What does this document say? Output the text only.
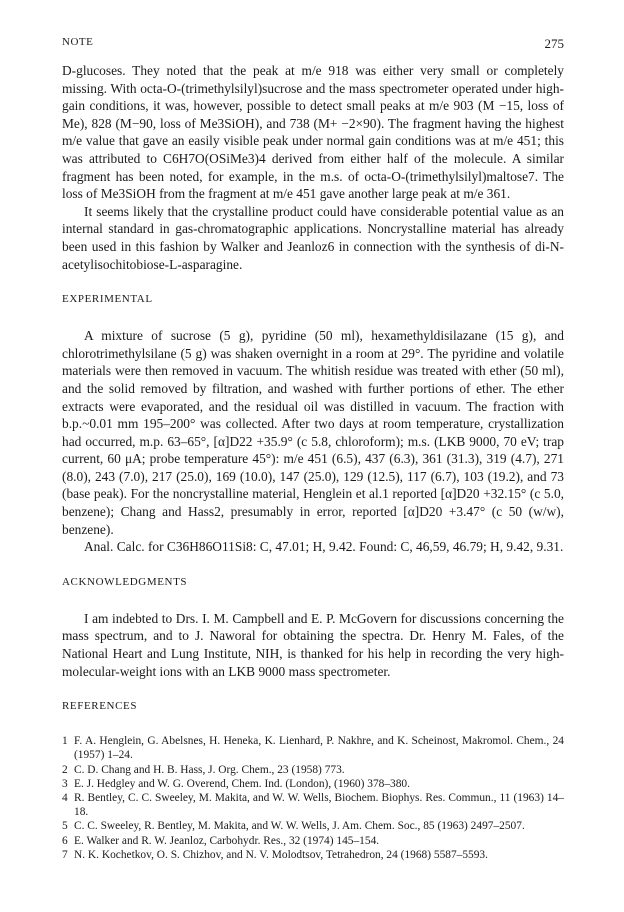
NOTE	275

D-glucoses. They noted that the peak at m/e 918 was either very small or completely missing. With octa-O-(trimethylsilyl)sucrose and the mass spectrometer operated under high-gain conditions, it was, however, possible to detect small peaks at m/e 903 (M −15, loss of Me), 828 (M−90, loss of Me3SiOH), and 738 (M+ −2×90). The fragment having the highest m/e value that gave an easily visible peak under normal gain conditions was at m/e 451; this was attributed to C6H7O(OSiMe3)4 derived from either half of the molecule. A similar fragment has been noted, for example, in the m.s. of octa-O-(trimethylsilyl)maltose7. The loss of Me3SiOH from the fragment at m/e 451 gave another large peak at m/e 361.

It seems likely that the crystalline product could have considerable potential value as an internal standard in gas-chromatographic applications. Noncrystalline material has already been used in this fashion by Walker and Jeanloz6 in connection with the synthesis of di-N-acetylisochitobiose-L-asparagine.

EXPERIMENTAL

A mixture of sucrose (5 g), pyridine (50 ml), hexamethyldisilazane (15 g), and chlorotrimethylsilane (5 g) was shaken overnight in a room at 29°. The pyridine and volatile materials were then removed in vacuum. The whitish residue was treated with ether (50 ml), and the solid removed by filtration, and washed with further portions of ether. The ether extracts were evaporated, and the residual oil was distilled in vacuum. The fraction with b.p.~0.01 mm 195–200° was collected. After two days at room temperature, crystallization had occurred, m.p. 63–65°, [α]D22 +35.9° (c 5.8, chloroform); m.s. (LKB 9000, 70 eV; trap current, 60 μA; probe temperature 45°): m/e 451 (6.5), 437 (6.3), 361 (31.3), 319 (4.7), 271 (8.0), 243 (7.0), 217 (25.0), 169 (10.0), 147 (25.0), 129 (12.5), 117 (6.7), 103 (19.2), and 73 (base peak). For the noncrystalline material, Henglein et al.1 reported [α]D20 +32.15° (c 5.0, benzene); Chang and Hass2, presumably in error, reported [α]D20 +3.47° (c 50 (w/w), benzene).

Anal. Calc. for C36H86O11Si8: C, 47.01; H, 9.42. Found: C, 46,59, 46.79; H, 9.42, 9.31.

ACKNOWLEDGMENTS

I am indebted to Drs. I. M. Campbell and E. P. McGovern for discussions concerning the mass spectrum, and to J. Naworal for obtaining the spectra. Dr. Henry M. Fales, of the National Heart and Lung Institute, NIH, is thanked for his help in recording the very high-molecular-weight ions with an LKB 9000 mass spectrometer.

REFERENCES
1 F. A. Henglein, G. Abelsnes, H. Heneka, K. Lienhard, P. Nakhre, and K. Scheinost, Makromol. Chem., 24 (1957) 1–24.
2 C. D. Chang and H. B. Hass, J. Org. Chem., 23 (1958) 773.
3 E. J. Hedgley and W. G. Overend, Chem. Ind. (London), (1960) 378–380.
4 R. Bentley, C. C. Sweeley, M. Makita, and W. W. Wells, Biochem. Biophys. Res. Commun., 11 (1963) 14–18.
5 C. C. Sweeley, R. Bentley, M. Makita, and W. W. Wells, J. Am. Chem. Soc., 85 (1963) 2497–2507.
6 E. Walker and R. W. Jeanloz, Carbohydr. Res., 32 (1974) 145–154.
7 N. K. Kochetkov, O. S. Chizhov, and N. V. Molodtsov, Tetrahedron, 24 (1968) 5587–5593.
